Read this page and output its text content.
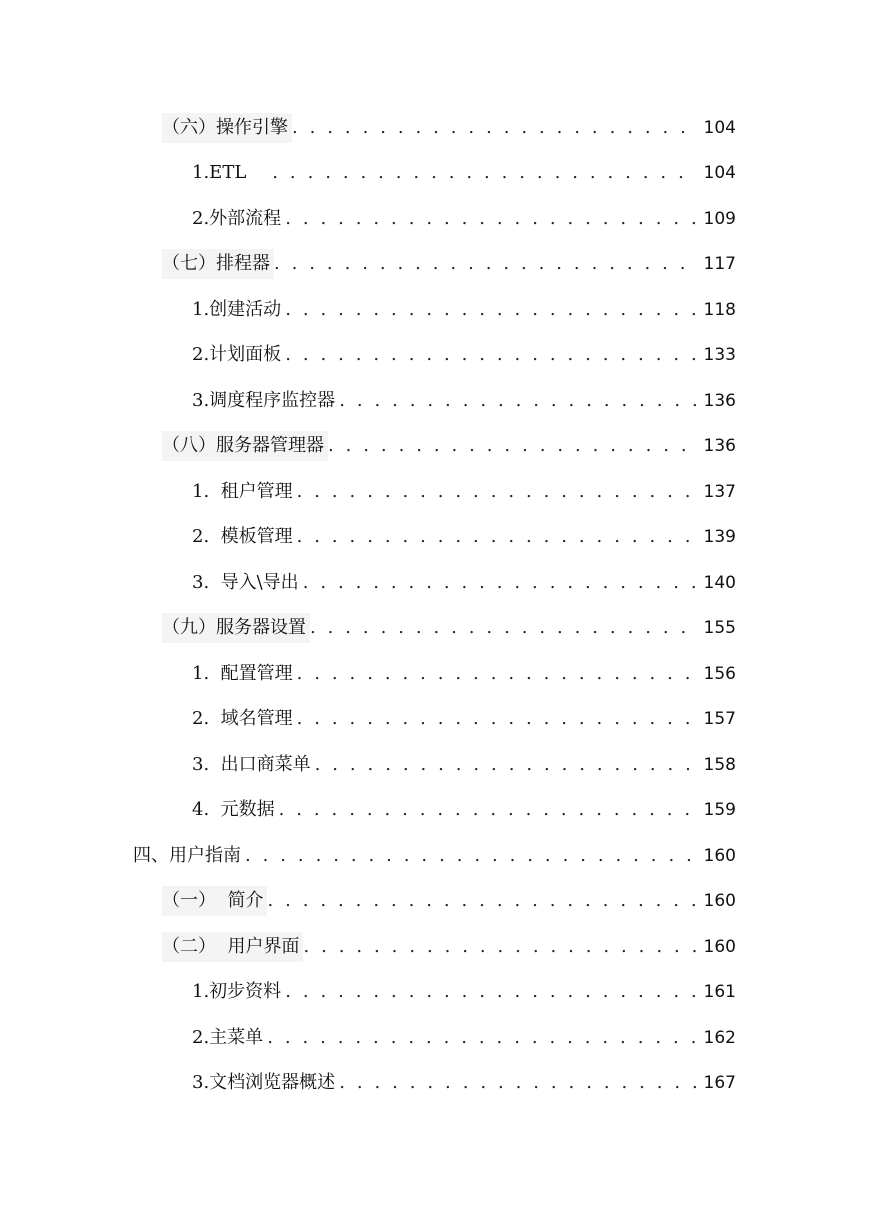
（六）操作引擎 . . .	104
1.ETL . . .	104
2.外部流程 . . .	109
（七）排程器 . . .	117
1.创建活动 . . .	118
2.计划面板 . . .	133
3.调度程序监控器 . . .	136
（八）服务器管理器 . . .	136
1.  租户管理 . . .	137
2.  模板管理 . . .	139
3.  导入\导出 . . .	140
（九）服务器设置 . . .	155
1.  配置管理 . . .	156
2.  域名管理 . . .	157
3.  出口商菜单 . . .	158
4.  元数据 . . .	159
四、用户指南 . . .	160
（一）  简介 . . .	160
（二）  用户界面 . . .	160
1.初步资料 . . .	161
2.主菜单 . . .	162
3.文档浏览器概述 . . .	167
